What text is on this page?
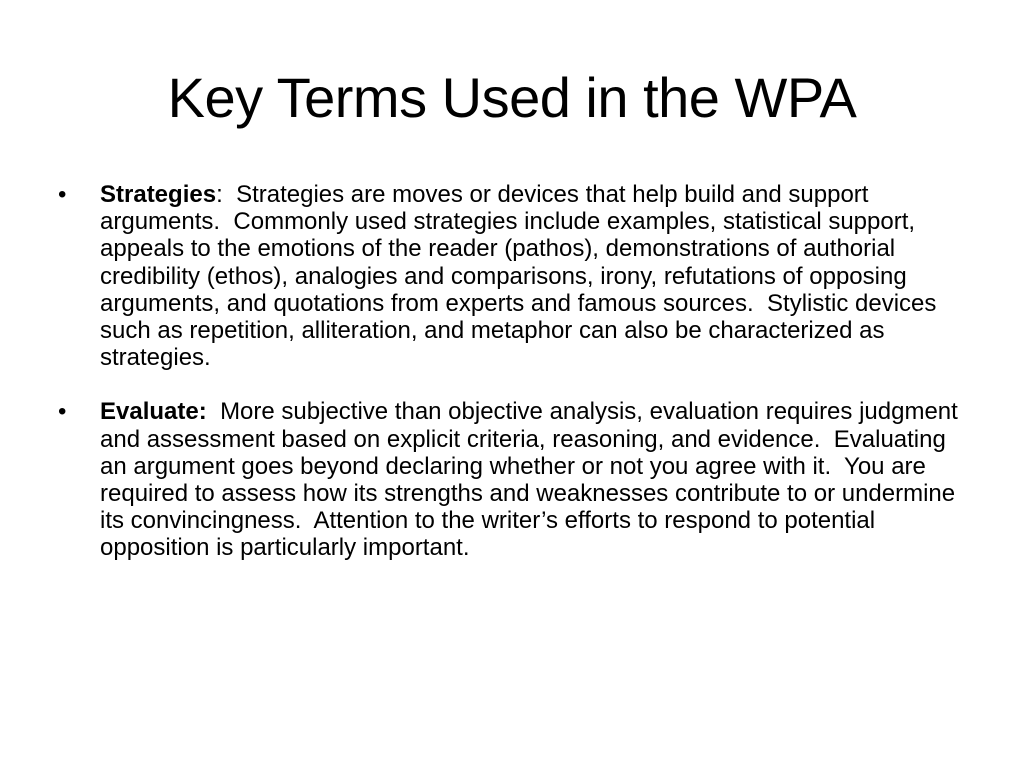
Key Terms Used in the WPA
•	Strategies:  Strategies are moves or devices that help build and support arguments.  Commonly used strategies include examples, statistical support, appeals to the emotions of the reader (pathos), demonstrations of authorial credibility (ethos), analogies and comparisons, irony, refutations of opposing arguments, and quotations from experts and famous sources.  Stylistic devices such as repetition, alliteration, and metaphor can also be characterized as strategies.
•	Evaluate: More subjective than objective analysis, evaluation requires judgment and assessment based on explicit criteria, reasoning, and evidence.  Evaluating an argument goes beyond declaring whether or not you agree with it.  You are required to assess how its strengths and weaknesses contribute to or undermine its convincingness.  Attention to the writer’s efforts to respond to potential opposition is particularly important.
